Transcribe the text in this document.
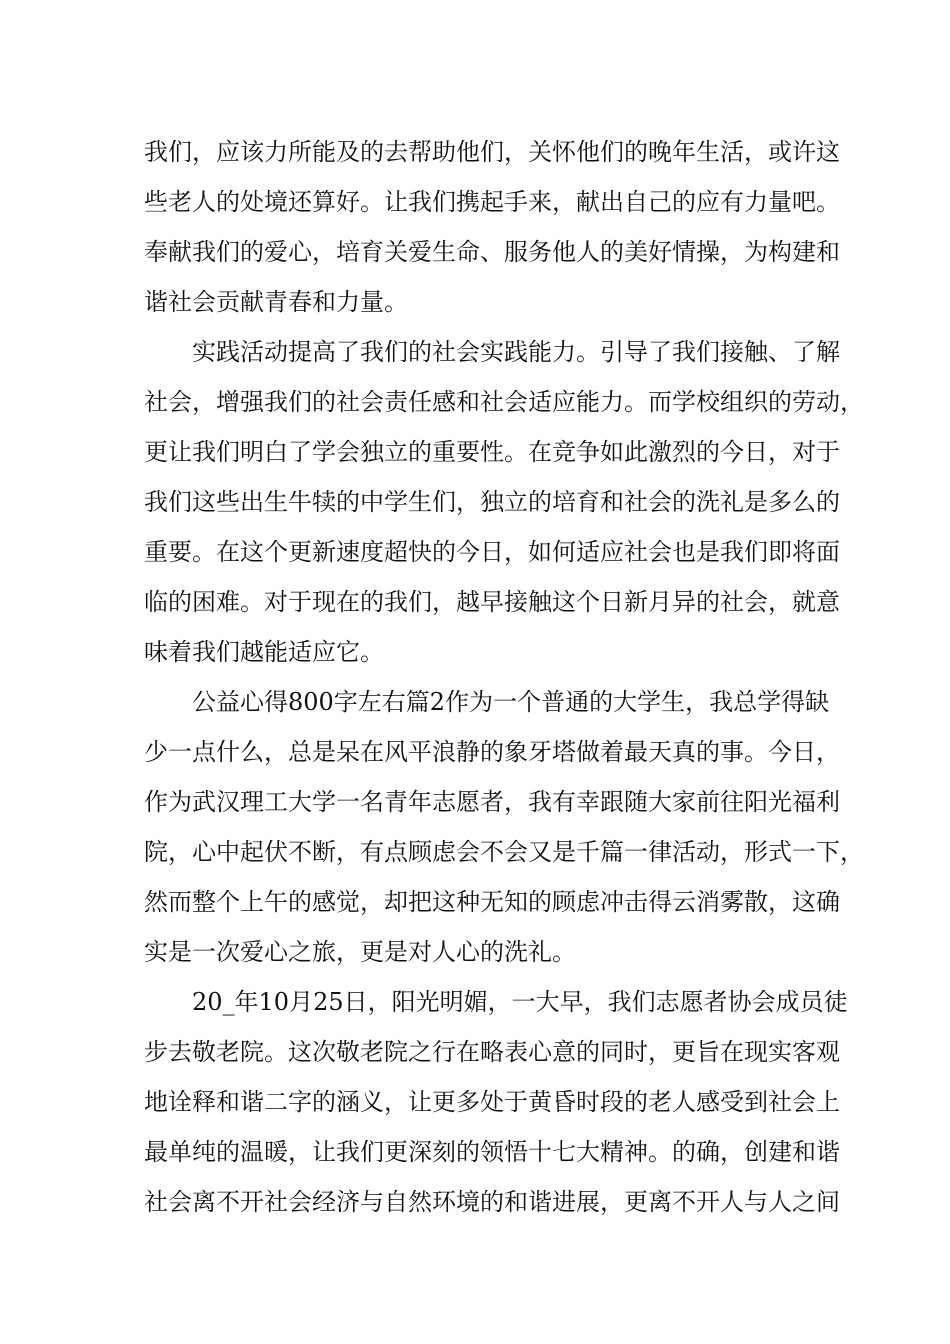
我们，应该力所能及的去帮助他们，关怀他们的晚年生活，或许这
些老人的处境还算好。让我们携起手来，献出自己的应有力量吧。
奉献我们的爱心，培育关爱生命、服务他人的美好情操，为构建和
谐社会贡献青春和力量。
实践活动提高了我们的社会实践能力。引导了我们接触、了解
社会，增强我们的社会责任感和社会适应能力。而学校组织的劳动，
更让我们明白了学会独立的重要性。在竞争如此激烈的今日，对于
我们这些出生牛犊的中学生们，独立的培育和社会的洗礼是多么的
重要。在这个更新速度超快的今日，如何适应社会也是我们即将面
临的困难。对于现在的我们，越早接触这个日新月异的社会，就意
味着我们越能适应它。
公益心得800字左右篇2作为一个普通的大学生，我总学得缺
少一点什么，总是呆在风平浪静的象牙塔做着最天真的事。今日，
作为武汉理工大学一名青年志愿者，我有幸跟随大家前往阳光福利
院，心中起伏不断，有点顾虑会不会又是千篇一律活动，形式一下，
然而整个上午的感觉，却把这种无知的顾虑冲击得云消雾散，这确
实是一次爱心之旅，更是对人心的洗礼。
20_年10月25日，阳光明媚，一大早，我们志愿者协会成员徒
步去敬老院。这次敬老院之行在略表心意的同时，更旨在现实客观
地诠释和谐二字的涵义，让更多处于黄昏时段的老人感受到社会上
最单纯的温暖，让我们更深刻的领悟十七大精神。的确，创建和谐
社会离不开社会经济与自然环境的和谐进展，更离不开人与人之间
